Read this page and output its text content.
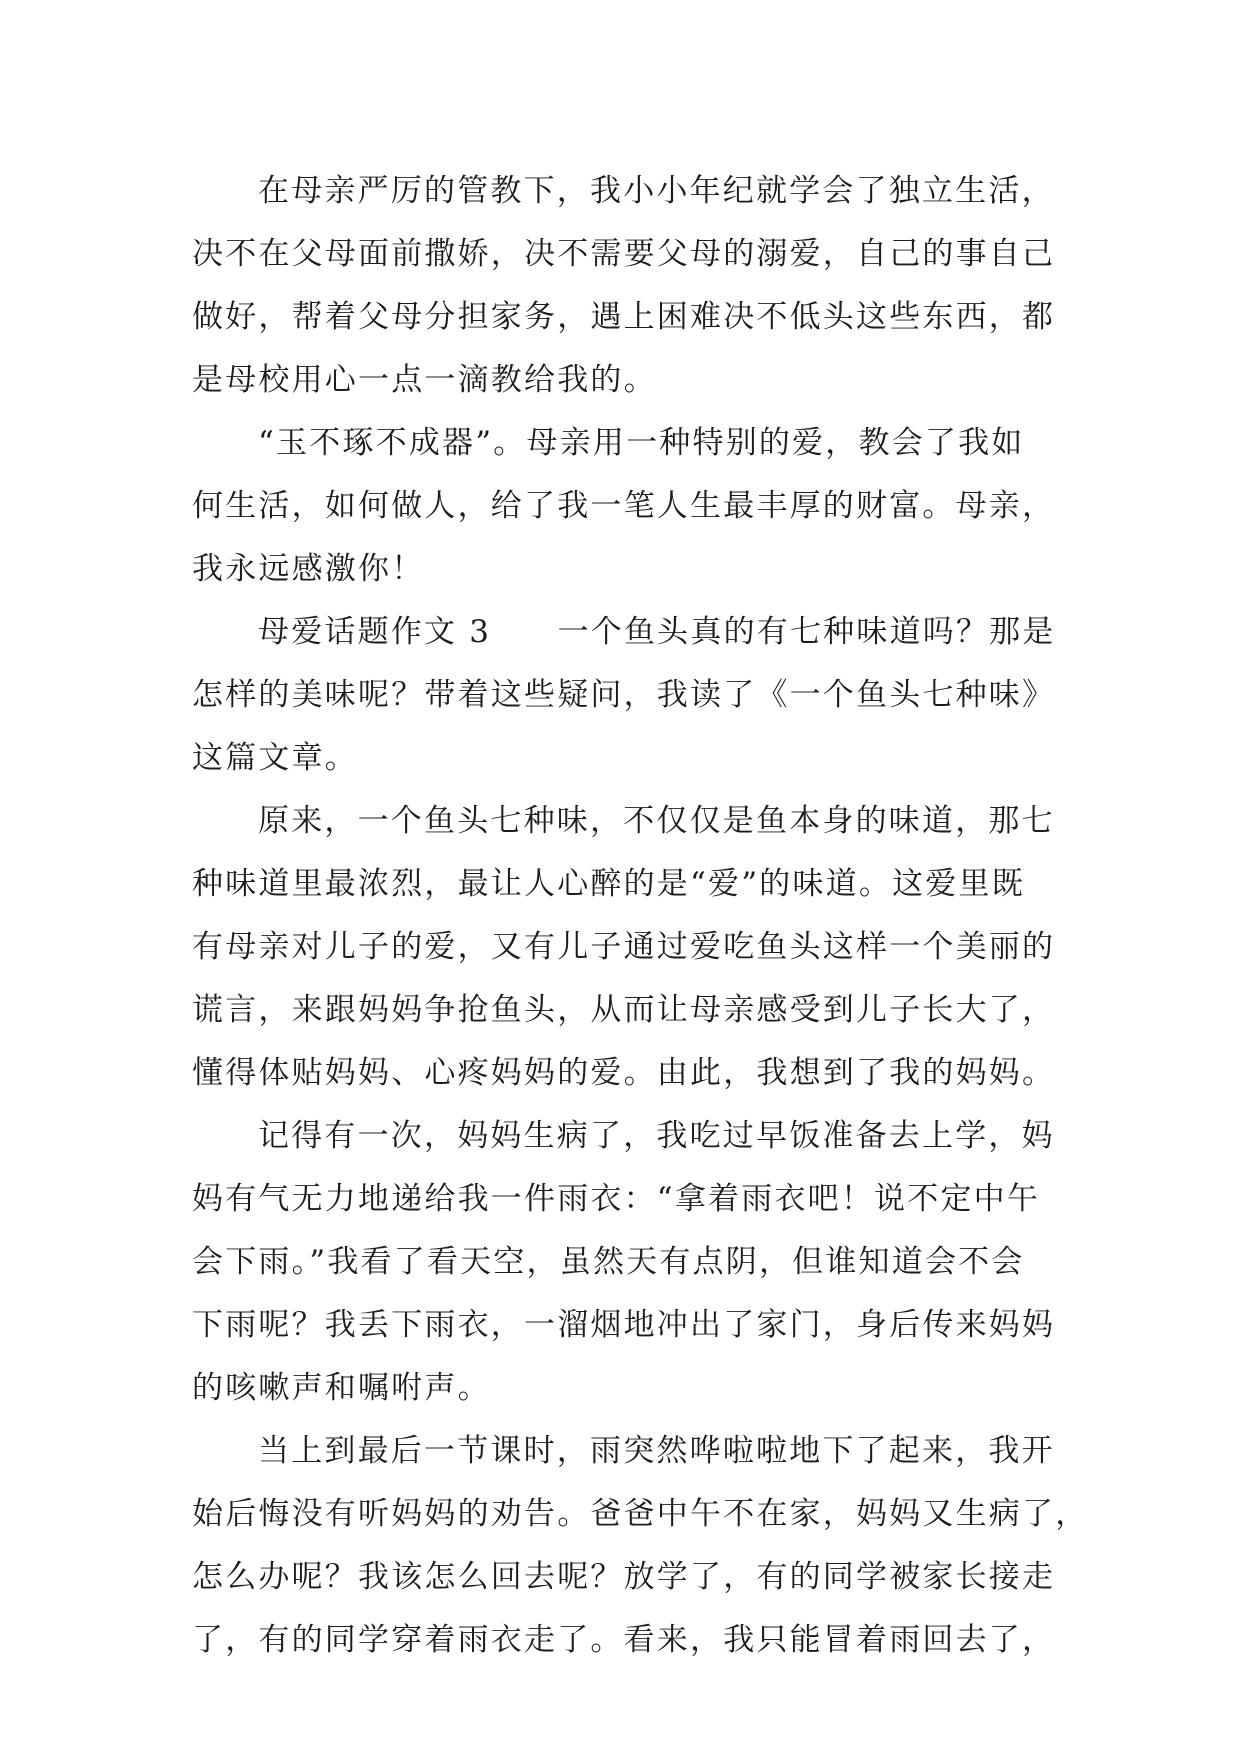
在母亲严厉的管教下，我小小年纪就学会了独立生活，
决不在父母面前撒娇，决不需要父母的溺爱，自己的事自己
做好，帮着父母分担家务，遇上困难决不低头这些东西，都
是母校用心一点一滴教给我的。
“玉不琢不成器”。母亲用一种特别的爱，教会了我如
何生活，如何做人，给了我一笔人生最丰厚的财富。母亲，
我永远感激你！
母爱话题作文 3　　一个鱼头真的有七种味道吗？那是
怎样的美味呢？带着这些疑问，我读了《一个鱼头七种味》
这篇文章。
原来，一个鱼头七种味，不仅仅是鱼本身的味道，那七
种味道里最浓烈，最让人心醉的是“爱”的味道。这爱里既
有母亲对儿子的爱，又有儿子通过爱吃鱼头这样一个美丽的
谎言，来跟妈妈争抢鱼头，从而让母亲感受到儿子长大了，
懂得体贴妈妈、心疼妈妈的爱。由此，我想到了我的妈妈。
记得有一次，妈妈生病了，我吃过早饭准备去上学，妈
妈有气无力地递给我一件雨衣：“拿着雨衣吧！说不定中午
会下雨。”我看了看天空，虽然天有点阴，但谁知道会不会
下雨呢？我丢下雨衣，一溜烟地冲出了家门，身后传来妈妈
的咳嗽声和嘱咐声。
当上到最后一节课时，雨突然哗啦啦地下了起来，我开
始后悔没有听妈妈的劝告。爸爸中午不在家，妈妈又生病了，
怎么办呢？我该怎么回去呢？放学了，有的同学被家长接走
了，有的同学穿着雨衣走了。看来，我只能冒着雨回去了，
